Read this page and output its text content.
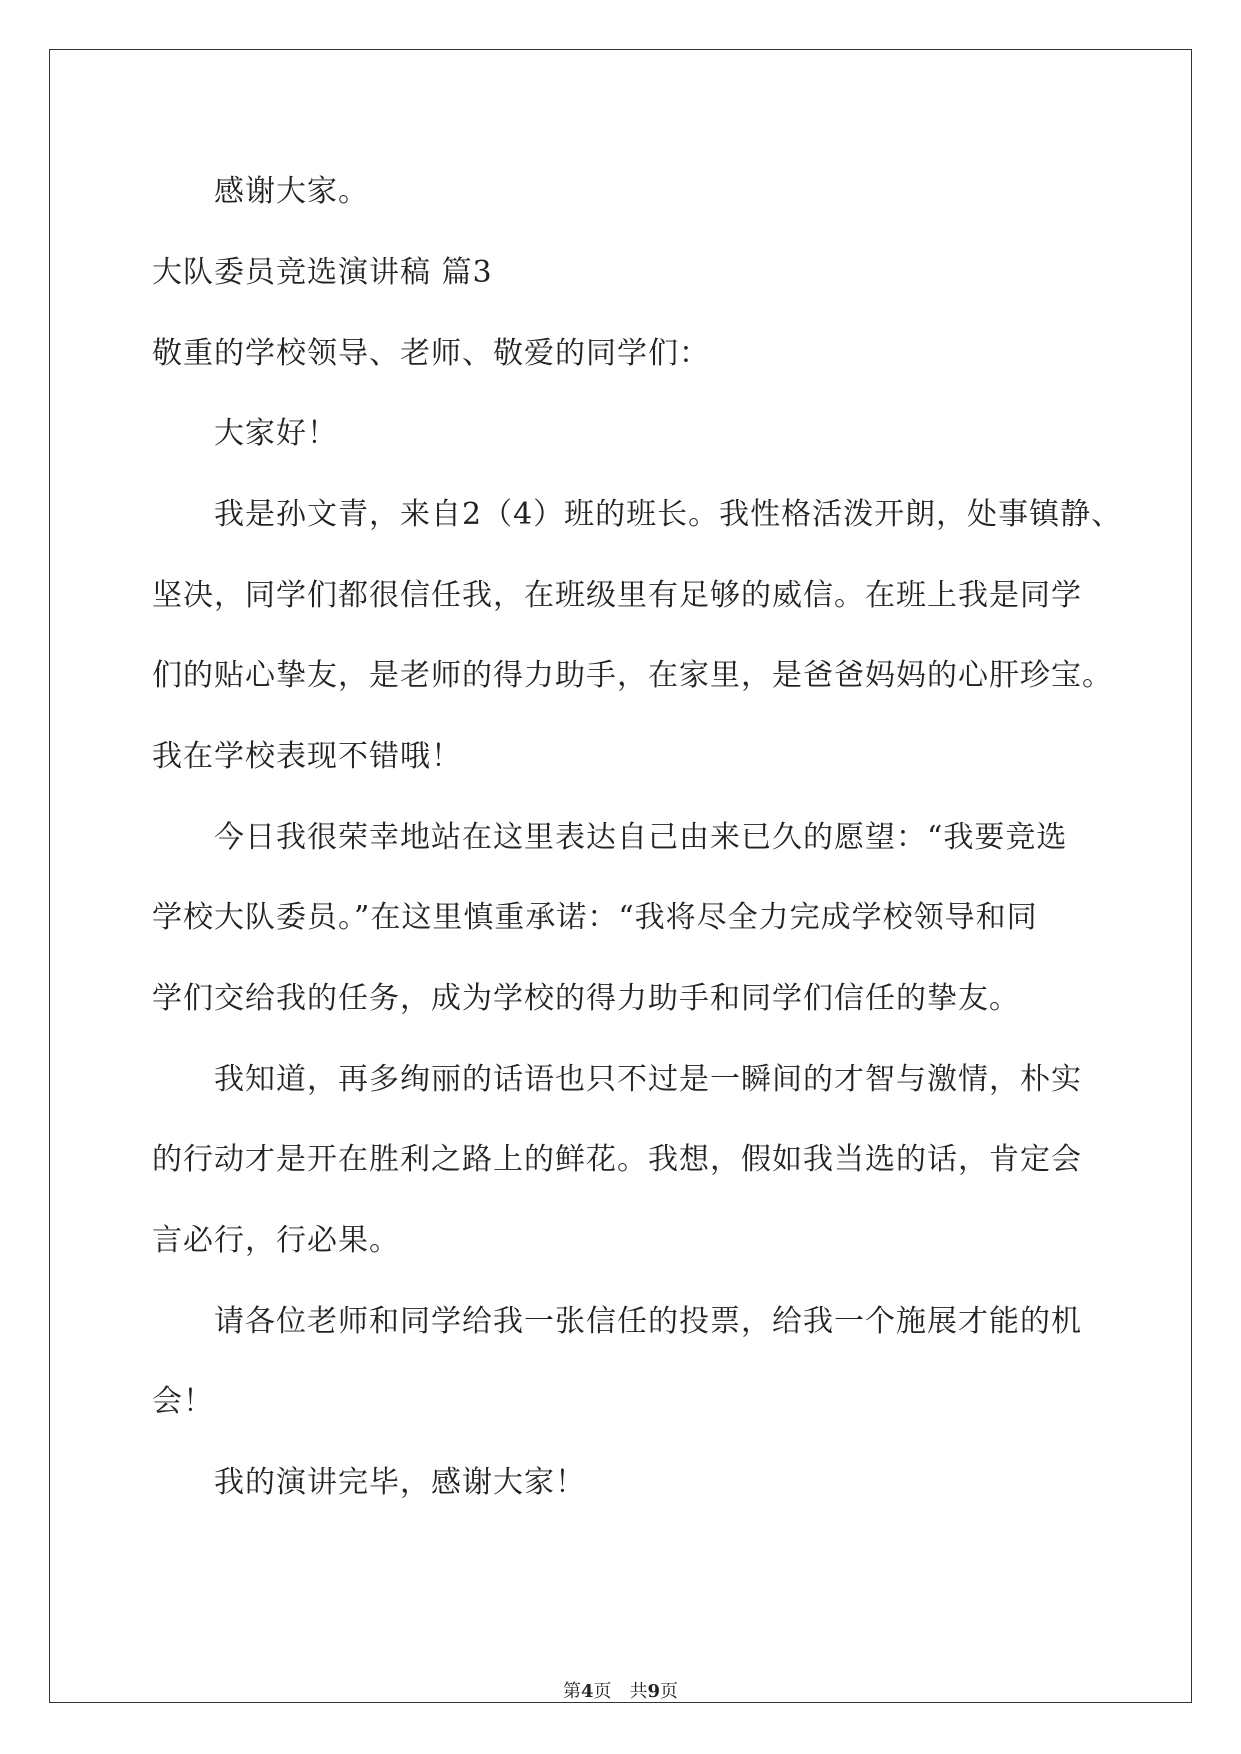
感谢大家。
大队委员竞选演讲稿 篇3
敬重的学校领导、老师、敬爱的同学们：
大家好！
我是孙文青，来自2（4）班的班长。我性格活泼开朗，处事镇静、
坚决，同学们都很信任我，在班级里有足够的威信。在班上我是同学
们的贴心挚友，是老师的得力助手，在家里，是爸爸妈妈的心肝珍宝。
我在学校表现不错哦！
今日我很荣幸地站在这里表达自己由来已久的愿望：“我要竞选
学校大队委员。”在这里慎重承诺：“我将尽全力完成学校领导和同
学们交给我的任务，成为学校的得力助手和同学们信任的挚友。
我知道，再多绚丽的话语也只不过是一瞬间的才智与激情，朴实
的行动才是开在胜利之路上的鲜花。我想，假如我当选的话，肯定会
言必行，行必果。
请各位老师和同学给我一张信任的投票，给我一个施展才能的机
会！
我的演讲完毕，感谢大家！
第4页　共9页
